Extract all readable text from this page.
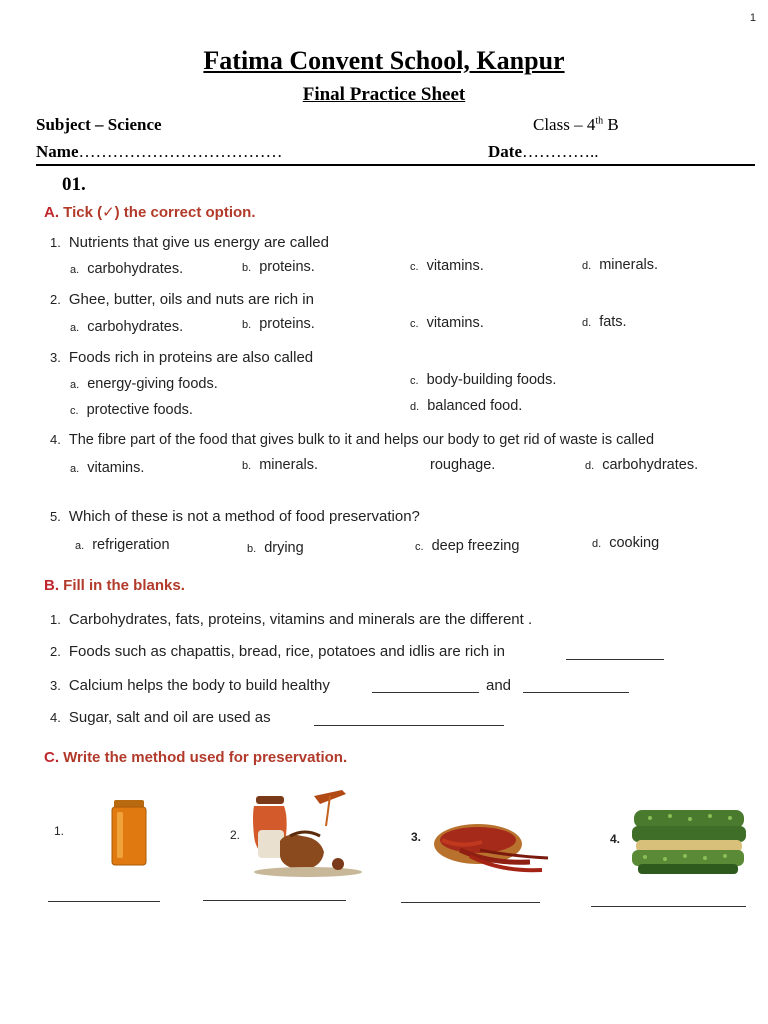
1
Fatima Convent School, Kanpur
Final Practice Sheet
Subject – Science	Class – 4th B
Name………………………………	Date…………..
01.
A. Tick (✓) the correct option.
1. Nutrients that give us energy are called
a. carbohydrates.	b. proteins.	c. vitamins.	d. minerals.
2. Ghee, butter, oils and nuts are rich in
a. carbohydrates.	b. proteins.	c. vitamins.	d. fats.
3. Foods rich in proteins are also called
a. energy-giving foods.	c. body-building foods.
c. protective foods.	d. balanced food.
4. The fibre part of the food that gives bulk to it and helps our body to get rid of waste is called
a. vitamins.	b. minerals.	roughage.	d. carbohydrates.
5. Which of these is not a method of food preservation?
a. refrigeration	b. drying	c. deep freezing	d. cooking
B. Fill in the blanks.
1. Carbohydrates, fats, proteins, vitamins and minerals are the different .
2. Foods such as chapattis, bread, rice, potatoes and idlis are rich in
3. Calcium helps the body to build healthy	and
4. Sugar, salt and oil are used as
C. Write the method used for preservation.
1.	2.	3.	4.
